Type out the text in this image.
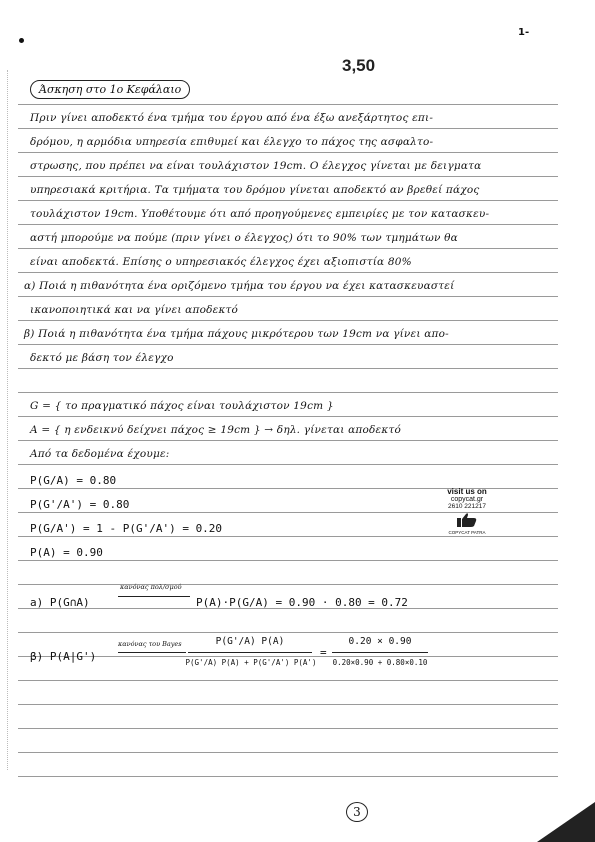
1-
3,50
Άσκηση στο 1ο Κεφάλαιο
Πριν γίνει αποδεκτό ένα τμήμα του έργου από ένα έξω ανεξάρτητος επι-
δρόμου, η αρμόδια υπηρεσία επιθυμεί και έλεγχο το πάχος της ασφαλτο-
στρωσης, που πρέπει να είναι τουλάχιστον 19cm. Ο έλεγχος γίνεται με δειγματα
υπηρεσιακά κριτήρια. Τα τμήματα του δρόμου γίνεται αποδεκτό αν βρεθεί πάχος
τουλάχιστον 19cm. Υποθέτουμε ότι από προηγούμενες εμπειρίες με τον κατασκευ-
αστή μπορούμε να πούμε (πριν γίνει ο έλεγχος) ότι το 90% των τμημάτων θα
είναι αποδεκτά. Επίσης ο υπηρεσιακός έλεγχος έχει αξιοπιστία 80%
α) Ποιά η πιθανότητα ένα οριζόμενο τμήμα του έργου να έχει κατασκευαστεί
ικανοποιητικά και να γίνει αποδεκτό
β) Ποιά η πιθανότητα ένα τμήμα πάχους μικρότερου των 19cm να γίνει απο-
δεκτό με βάση τον έλεγχο
G = { το πραγματικό πάχος είναι τουλάχιστον 19cm }
A = { η ενδεικνύ δείχνει πάχος ≥ 19cm } → δηλ. γίνεται αποδεκτό
Από τα δεδομένα έχουμε:
P(G/A) = 0.80
P(G'/A') = 0.80
P(G/A') = 1 - P(G'/A') = 0.20
P(A) = 0.90
a) P(G∩A)
κανόνας πολ/σμού
P(A)·P(G/A) = 0.90 · 0.80 = 0.72
β) P(A|G')
κανόνας του Bayes	P(G'/A) P(A)
P(G'/A) P(A) + P(G'/A') P(A')
=
0.20 × 0.90
0.20×0.90 + 0.80×0.10
visit us on
copycat.gr
2610 221217
COPYCAT PATRA
3
